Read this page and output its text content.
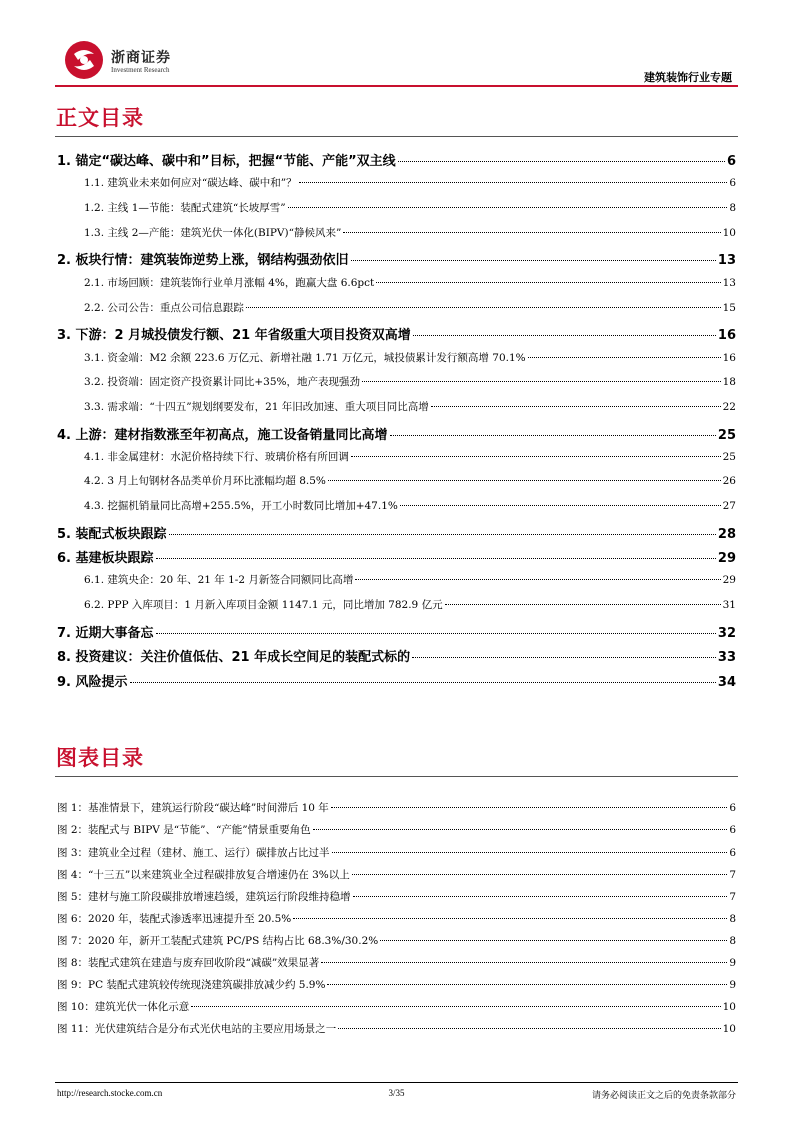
浙商证券
Investment Research
建筑装饰行业专题
正文目录
1. 锚定“碳达峰、碳中和”目标，把握“节能、产能”双主线	6
1.1. 建筑业未来如何应对“碳达峰、碳中和”？	6
1.2. 主线 1—节能：装配式建筑“长坡厚雪”	8
1.3. 主线 2—产能：建筑光伏一体化(BIPV)“静候风来”	10
2. 板块行情：建筑装饰逆势上涨，钢结构强劲依旧	13
2.1. 市场回顾：建筑装饰行业单月涨幅 4%，跑赢大盘 6.6pct	13
2.2. 公司公告：重点公司信息跟踪	15
3. 下游：2 月城投债发行额、21 年省级重大项目投资双高增	16
3.1. 资金端：M2 余额 223.6 万亿元、新增社融 1.71 万亿元，城投债累计发行额高增 70.1%	16
3.2. 投资端：固定资产投资累计同比+35%，地产表现强劲	18
3.3. 需求端：“十四五”规划纲要发布，21 年旧改加速、重大项目同比高增	22
4. 上游：建材指数涨至年初高点，施工设备销量同比高增	25
4.1. 非金属建材：水泥价格持续下行、玻璃价格有所回调	25
4.2. 3 月上旬钢材各品类单价月环比涨幅均超 8.5%	26
4.3. 挖掘机销量同比高增+255.5%，开工小时数同比增加+47.1%	27
5. 装配式板块跟踪	28
6. 基建板块跟踪	29
6.1. 建筑央企：20 年、21 年 1-2 月新签合同额同比高增	29
6.2. PPP 入库项目：1 月新入库项目金额 1147.1 元，同比增加 782.9 亿元	31
7. 近期大事备忘	32
8. 投资建议：关注价值低估、21 年成长空间足的装配式标的	33
9. 风险提示	34
图表目录
图 1：基准情景下，建筑运行阶段“碳达峰”时间滞后 10 年	6
图 2：装配式与 BIPV 是“节能”、“产能”情景重要角色	6
图 3：建筑业全过程（建材、施工、运行）碳排放占比过半	6
图 4：“十三五”以来建筑业全过程碳排放复合增速仍在 3%以上	7
图 5：建材与施工阶段碳排放增速趋缓，建筑运行阶段维持稳增	7
图 6：2020 年，装配式渗透率迅速提升至 20.5%	8
图 7：2020 年，新开工装配式建筑 PC/PS 结构占比 68.3%/30.2%	8
图 8：装配式建筑在建造与废弃回收阶段“减碳”效果显著	9
图 9：PC 装配式建筑较传统现浇建筑碳排放减少约 5.9%	9
图 10：建筑光伏一体化示意	10
图 11：光伏建筑结合是分布式光伏电站的主要应用场景之一	10
http://research.stocke.com.cn	3/35	请务必阅读正文之后的免责条款部分
